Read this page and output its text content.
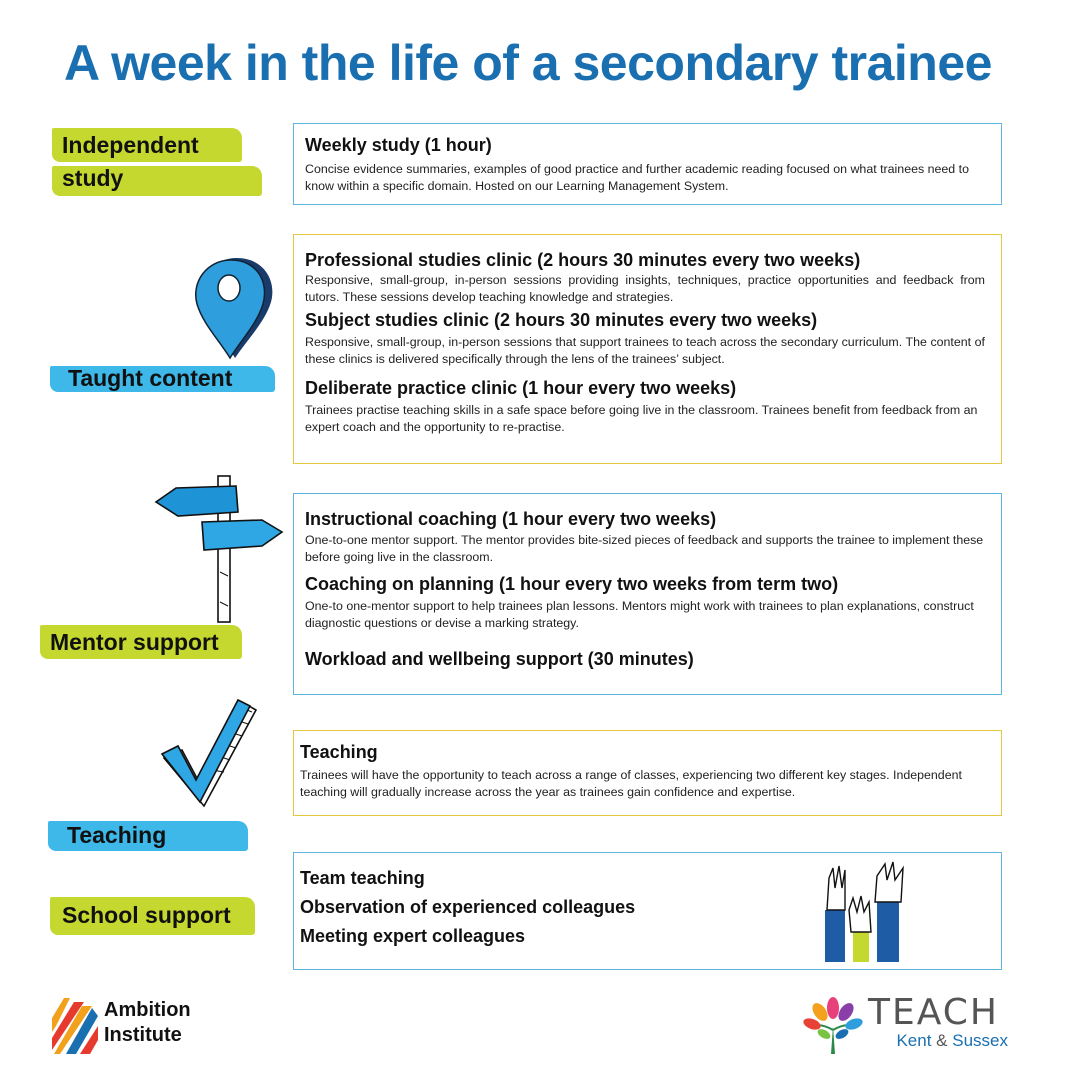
A week in the life of a secondary trainee
Independent study

Weekly study (1 hour)

Concise evidence summaries, examples of good practice and further academic reading focused on what trainees need to know within a specific domain. Hosted on our Learning Management System.

Taught content

Professional studies clinic (2 hours 30 minutes every two weeks)

Responsive, small-group, in-person sessions providing insights, techniques, practice opportunities and feedback from tutors. These sessions develop teaching knowledge and strategies.

Subject studies clinic (2 hours 30 minutes every two weeks)

Responsive, small-group, in-person sessions that support trainees to teach across the secondary curriculum. The content of these clinics is delivered specifically through the lens of the trainees’ subject.

Deliberate practice clinic (1 hour every two weeks)

Trainees practise teaching skills in a safe space before going live in the classroom. Trainees benefit from feedback from an expert coach and the opportunity to re-practise.

Mentor support

Instructional coaching (1 hour every two weeks)

One-to-one mentor support. The mentor provides bite-sized pieces of feedback and supports the trainee to implement these before going live in the classroom.

Coaching on planning (1 hour every two weeks from term two)

One-to one-mentor support to help trainees plan lessons. Mentors might work with trainees to plan explanations, construct diagnostic questions or devise a marking strategy.

Workload and wellbeing support (30 minutes)

Teaching

Teaching

Trainees will have the opportunity to teach across a range of classes, experiencing two different key stages. Independent teaching will gradually increase across the year as trainees gain confidence and expertise.

School support

Team teaching

Observation of experienced colleagues

Meeting expert colleagues

Ambition
Institute
TEACH
Kent & Sussex
